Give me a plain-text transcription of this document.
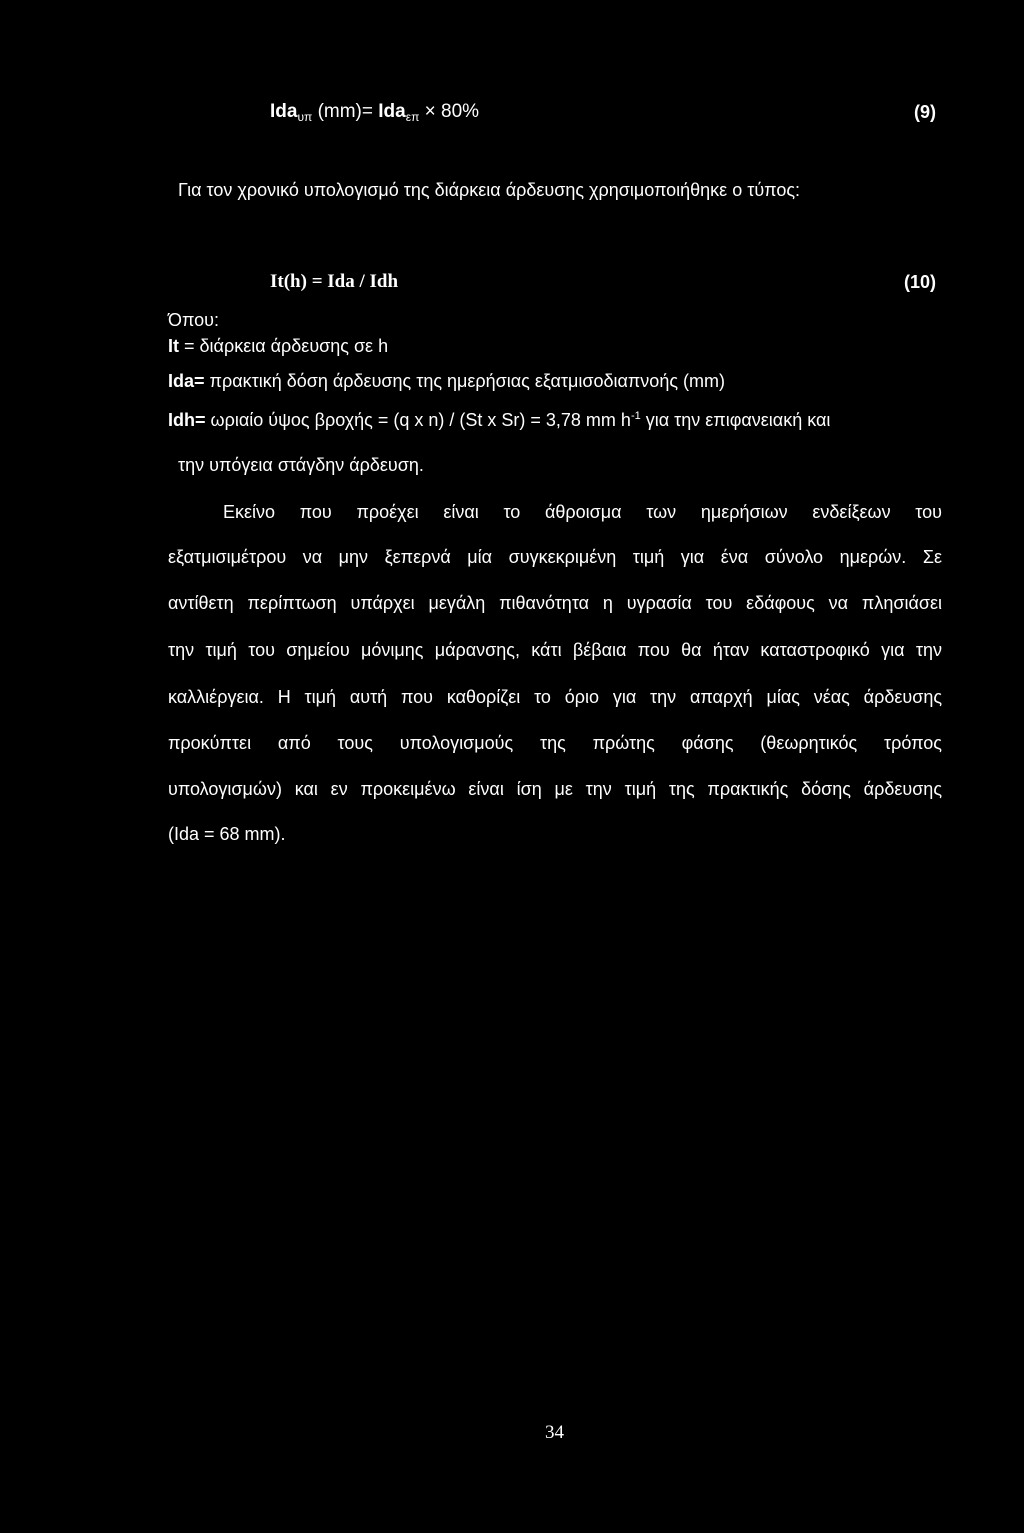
Ida$_{\upsilon\pi}$ (mm)= Ida$_{\varepsilon\pi}$ × 80%	(9)
Για τον χρονικό υπολογισμό της διάρκεια άρδευσης χρησιμοποιήθηκε ο τύπος:
It(h) = Ida / Idh	(10)
Όπου:
It = διάρκεια άρδευσης σε h
Ida= πρακτική δόση άρδευσης της ημερήσιας εξατμισοδιαπνοής (mm)
Idh= ωριαίο ύψος βροχής = (q x n) / (St x Sr) = 3,78 mm $h^{-1}$ για την επιφανειακή και
την υπόγεια στάγδην άρδευση.
Εκείνο που προέχει είναι το άθροισμα των ημερήσιων ενδείξεων του
εξατμισιμέτρου να μην ξεπερνά μία συγκεκριμένη τιμή για ένα σύνολο ημερών. Σε
αντίθετη περίπτωση υπάρχει μεγάλη πιθανότητα η υγρασία του εδάφους να πλησιάσει
την τιμή του σημείου μόνιμης μάρανσης, κάτι βέβαια που θα ήταν καταστροφικό για την
καλλιέργεια. Η τιμή αυτή που καθορίζει το όριο για την απαρχή μίας νέας άρδευσης
προκύπτει από τους υπολογισμούς της πρώτης φάσης (θεωρητικός τρόπος
υπολογισμών) και εν προκειμένω είναι ίση με την τιμή της πρακτικής δόσης άρδευσης
(Ida = 68 mm).
34
